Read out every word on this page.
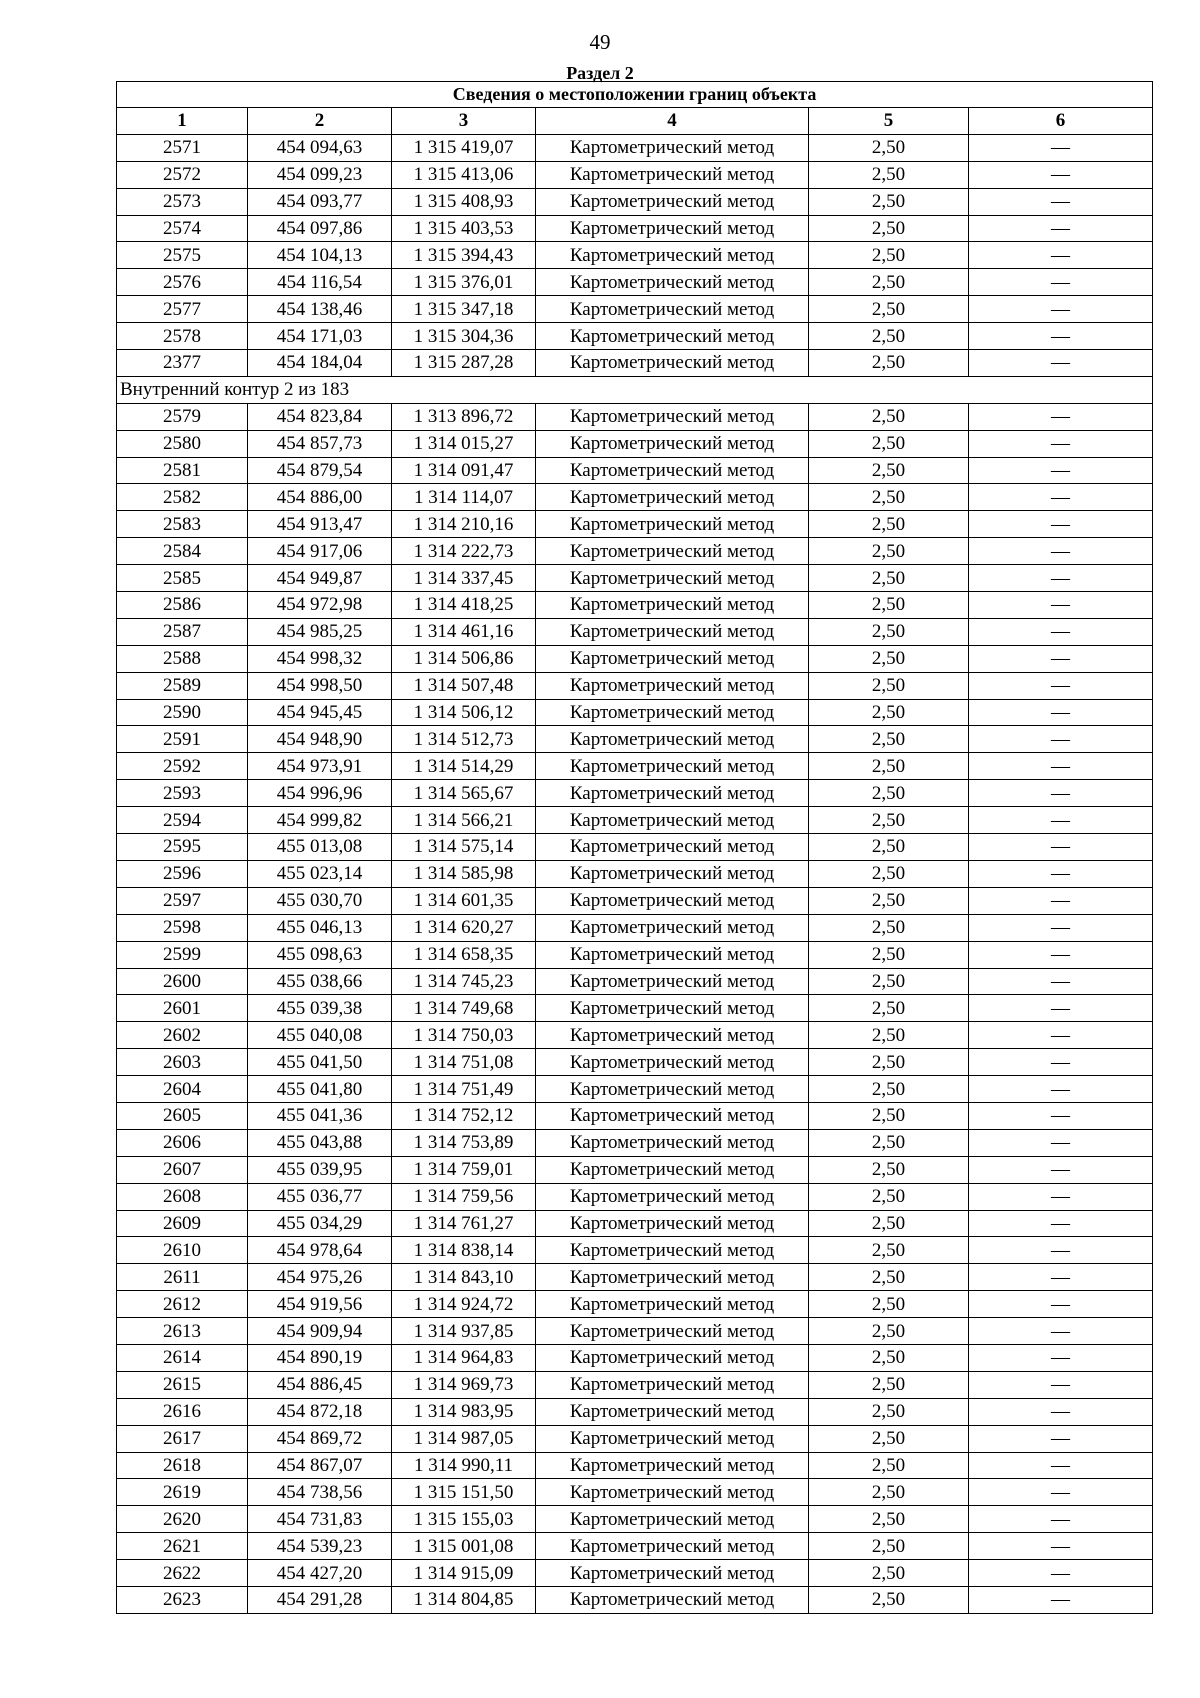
49
Раздел 2
Сведения о местоположении границ объекта					
1	2	3	4	5	6
2571	454 094,63	1 315 419,07	Картометрический метод	2,50	—
2572	454 099,23	1 315 413,06	Картометрический метод	2,50	—
2573	454 093,77	1 315 408,93	Картометрический метод	2,50	—
2574	454 097,86	1 315 403,53	Картометрический метод	2,50	—
2575	454 104,13	1 315 394,43	Картометрический метод	2,50	—
2576	454 116,54	1 315 376,01	Картометрический метод	2,50	—
2577	454 138,46	1 315 347,18	Картометрический метод	2,50	—
2578	454 171,03	1 315 304,36	Картометрический метод	2,50	—
2377	454 184,04	1 315 287,28	Картометрический метод	2,50	—
Внутренний контур 2 из 183					
2579	454 823,84	1 313 896,72	Картометрический метод	2,50	—
2580	454 857,73	1 314 015,27	Картометрический метод	2,50	—
2581	454 879,54	1 314 091,47	Картометрический метод	2,50	—
2582	454 886,00	1 314 114,07	Картометрический метод	2,50	—
2583	454 913,47	1 314 210,16	Картометрический метод	2,50	—
2584	454 917,06	1 314 222,73	Картометрический метод	2,50	—
2585	454 949,87	1 314 337,45	Картометрический метод	2,50	—
2586	454 972,98	1 314 418,25	Картометрический метод	2,50	—
2587	454 985,25	1 314 461,16	Картометрический метод	2,50	—
2588	454 998,32	1 314 506,86	Картометрический метод	2,50	—
2589	454 998,50	1 314 507,48	Картометрический метод	2,50	—
2590	454 945,45	1 314 506,12	Картометрический метод	2,50	—
2591	454 948,90	1 314 512,73	Картометрический метод	2,50	—
2592	454 973,91	1 314 514,29	Картометрический метод	2,50	—
2593	454 996,96	1 314 565,67	Картометрический метод	2,50	—
2594	454 999,82	1 314 566,21	Картометрический метод	2,50	—
2595	455 013,08	1 314 575,14	Картометрический метод	2,50	—
2596	455 023,14	1 314 585,98	Картометрический метод	2,50	—
2597	455 030,70	1 314 601,35	Картометрический метод	2,50	—
2598	455 046,13	1 314 620,27	Картометрический метод	2,50	—
2599	455 098,63	1 314 658,35	Картометрический метод	2,50	—
2600	455 038,66	1 314 745,23	Картометрический метод	2,50	—
2601	455 039,38	1 314 749,68	Картометрический метод	2,50	—
2602	455 040,08	1 314 750,03	Картометрический метод	2,50	—
2603	455 041,50	1 314 751,08	Картометрический метод	2,50	—
2604	455 041,80	1 314 751,49	Картометрический метод	2,50	—
2605	455 041,36	1 314 752,12	Картометрический метод	2,50	—
2606	455 043,88	1 314 753,89	Картометрический метод	2,50	—
2607	455 039,95	1 314 759,01	Картометрический метод	2,50	—
2608	455 036,77	1 314 759,56	Картометрический метод	2,50	—
2609	455 034,29	1 314 761,27	Картометрический метод	2,50	—
2610	454 978,64	1 314 838,14	Картометрический метод	2,50	—
2611	454 975,26	1 314 843,10	Картометрический метод	2,50	—
2612	454 919,56	1 314 924,72	Картометрический метод	2,50	—
2613	454 909,94	1 314 937,85	Картометрический метод	2,50	—
2614	454 890,19	1 314 964,83	Картометрический метод	2,50	—
2615	454 886,45	1 314 969,73	Картометрический метод	2,50	—
2616	454 872,18	1 314 983,95	Картометрический метод	2,50	—
2617	454 869,72	1 314 987,05	Картометрический метод	2,50	—
2618	454 867,07	1 314 990,11	Картометрический метод	2,50	—
2619	454 738,56	1 315 151,50	Картометрический метод	2,50	—
2620	454 731,83	1 315 155,03	Картометрический метод	2,50	—
2621	454 539,23	1 315 001,08	Картометрический метод	2,50	—
2622	454 427,20	1 314 915,09	Картометрический метод	2,50	—
2623	454 291,28	1 314 804,85	Картометрический метод	2,50	—
